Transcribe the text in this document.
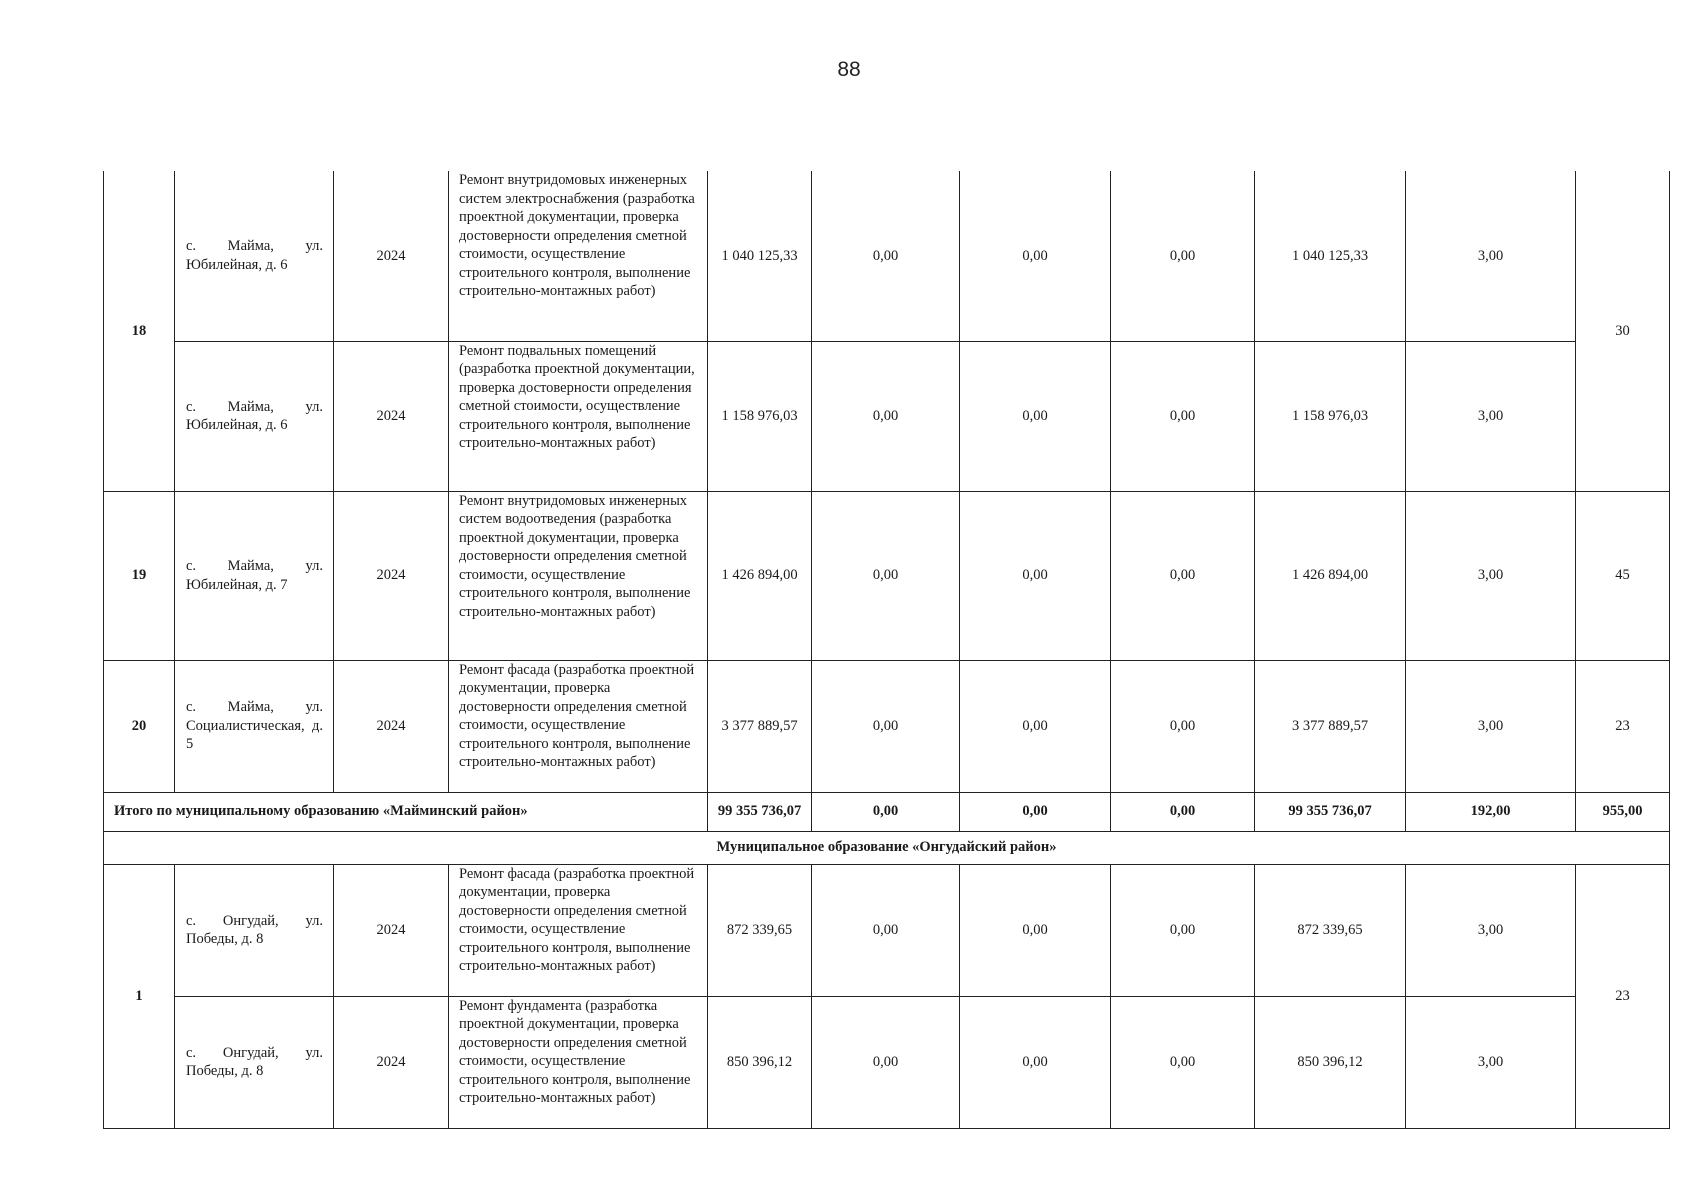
88
18	с. Майма, ул. Юбилейная, д. 6	2024	Ремонт внутридомовых инженерных систем электроснабжения (разработка проектной документации, проверка достоверности определения сметной стоимости, осуществление строительного контроля, выполнение строительно-монтажных работ)	1 040 125,33	0,00	0,00	0,00	1 040 125,33	3,00	30
	с. Майма, ул. Юбилейная, д. 6	2024	Ремонт подвальных помещений (разработка проектной документации, проверка достоверности определения сметной стоимости, осуществление строительного контроля, выполнение строительно-монтажных работ)	1 158 976,03	0,00	0,00	0,00	1 158 976,03	3,00	
19	с. Майма, ул. Юбилейная, д. 7	2024	Ремонт внутридомовых инженерных систем водоотведения (разработка проектной документации, проверка достоверности определения сметной стоимости, осуществление строительного контроля, выполнение строительно-монтажных работ)	1 426 894,00	0,00	0,00	0,00	1 426 894,00	3,00	45
20	с. Майма, ул. Социалистическая, д. 5	2024	Ремонт фасада (разработка проектной документации, проверка достоверности определения сметной стоимости, осуществление строительного контроля, выполнение строительно-монтажных работ)	3 377 889,57	0,00	0,00	0,00	3 377 889,57	3,00	23
Итого по муниципальному образованию «Майминский район»				99 355 736,07	0,00	0,00	0,00	99 355 736,07	192,00	955,00
Муниципальное образование «Онгудайский район»										
1	с. Онгудай, ул. Победы, д. 8	2024	Ремонт фасада (разработка проектной документации, проверка достоверности определения сметной стоимости, осуществление строительного контроля, выполнение строительно-монтажных работ)	872 339,65	0,00	0,00	0,00	872 339,65	3,00	23
	с. Онгудай, ул. Победы, д. 8	2024	Ремонт фундамента (разработка проектной документации, проверка достоверности определения сметной стоимости, осуществление строительного контроля, выполнение строительно-монтажных работ)	850 396,12	0,00	0,00	0,00	850 396,12	3,00	
